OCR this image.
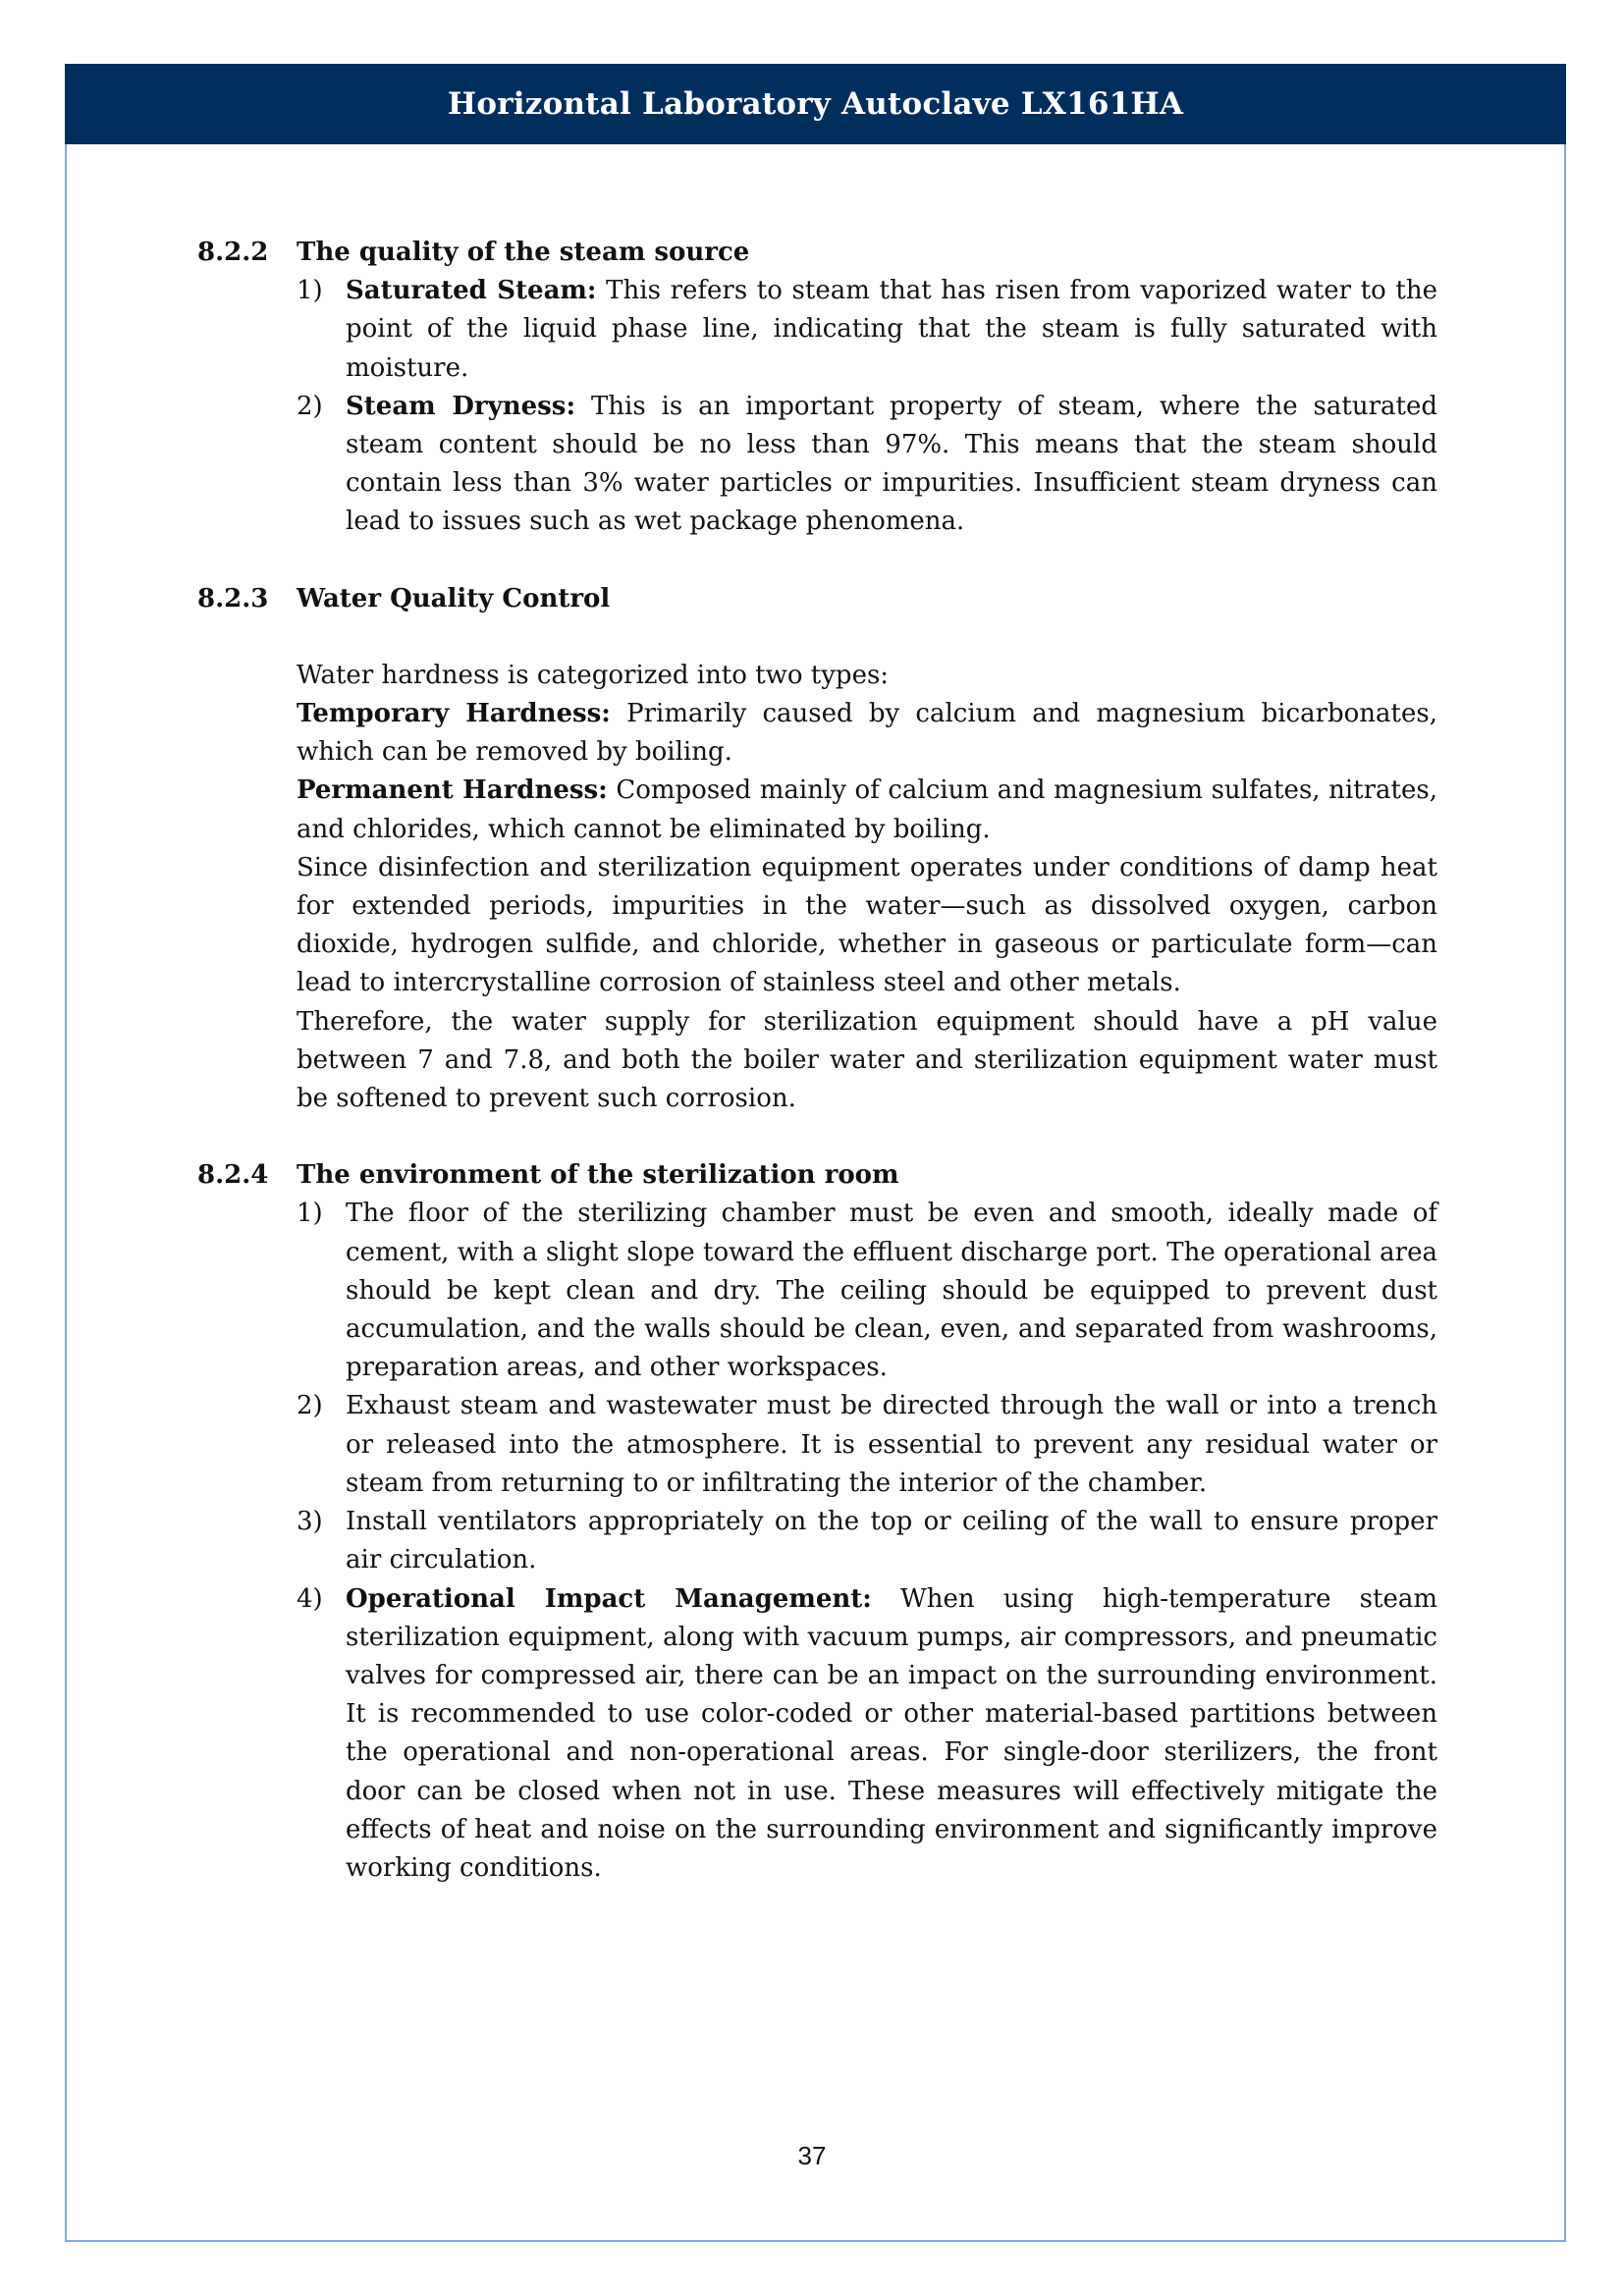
Horizontal Laboratory Autoclave LX161HA
8.2.2	The quality of the steam source
1) Saturated Steam: This refers to steam that has risen from vaporized water to the point of the liquid phase line, indicating that the steam is fully saturated with moisture.
2) Steam Dryness: This is an important property of steam, where the saturated steam content should be no less than 97%. This means that the steam should contain less than 3% water particles or impurities. Insufficient steam dryness can lead to issues such as wet package phenomena.
8.2.3	Water Quality Control

Water hardness is categorized into two types:

Temporary Hardness: Primarily caused by calcium and magnesium bicarbonates, which can be removed by boiling.

Permanent Hardness: Composed mainly of calcium and magnesium sulfates, nitrates, and chlorides, which cannot be eliminated by boiling.

Since disinfection and sterilization equipment operates under conditions of damp heat for extended periods, impurities in the water—such as dissolved oxygen, carbon dioxide, hydrogen sulfide, and chloride, whether in gaseous or particulate form—can lead to intercrystalline corrosion of stainless steel and other metals.

Therefore, the water supply for sterilization equipment should have a pH value between 7 and 7.8, and both the boiler water and sterilization equipment water must be softened to prevent such corrosion.

8.2.4	The environment of the sterilization room
1) The floor of the sterilizing chamber must be even and smooth, ideally made of cement, with a slight slope toward the effluent discharge port. The operational area should be kept clean and dry. The ceiling should be equipped to prevent dust accumulation, and the walls should be clean, even, and separated from washrooms, preparation areas, and other workspaces.
2) Exhaust steam and wastewater must be directed through the wall or into a trench or released into the atmosphere. It is essential to prevent any residual water or steam from returning to or infiltrating the interior of the chamber.
3) Install ventilators appropriately on the top or ceiling of the wall to ensure proper air circulation.
4) Operational Impact Management: When using high-temperature steam sterilization equipment, along with vacuum pumps, air compressors, and pneumatic valves for compressed air, there can be an impact on the surrounding environment. It is recommended to use color-coded or other material-based partitions between the operational and non-operational areas. For single-door sterilizers, the front door can be closed when not in use. These measures will effectively mitigate the effects of heat and noise on the surrounding environment and significantly improve working conditions.
37
